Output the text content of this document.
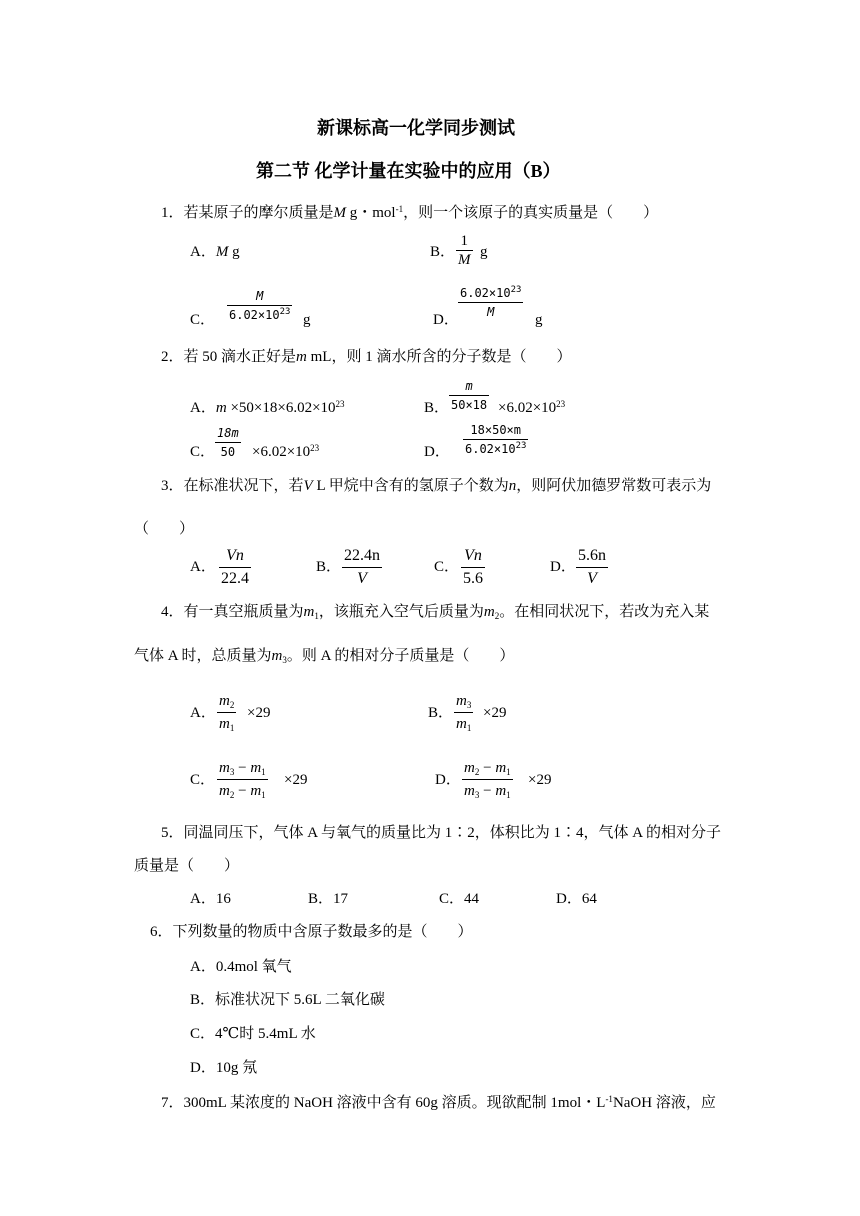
新课标高一化学同步测试
第二节 化学计量在实验中的应用（B）
1．若某原子的摩尔质量是M g・mol$^{-1}$，则一个该原子的真实质量是（　　）
A．M g	B． $\frac{1}{M}$ g
C． $\frac{M}{6.02\times 10^{23}}$ g	D． $\frac{6.02\times 10^{23}}{M}$ g
2．若 50 滴水正好是m mL，则 1 滴水所含的分子数是（　　）
A．$m \times 50\times 18\times 6.02\times 10^{23}$	B． $\frac{m}{50\times 18} \times 6.02\times 10^{23}$
C． $\frac{18m}{50} \times 6.02\times 10^{23}$	D． $\frac{18\times 50\times m}{6.02\times 10^{23}}$
3．在标准状况下，若V L 甲烷中含有的氢原子个数为n，则阿伏加德罗常数可表示为
（　　）
A． $\frac{Vn}{22.4}$	B． $\frac{22.4n}{V}$	C． $\frac{Vn}{5.6}$	D． $\frac{5.6n}{V}$
4．有一真空瓶质量为$m_1$，该瓶充入空气后质量为$m_2$。在相同状况下，若改为充入某
气体 A 时，总质量为$m_3$。则 A 的相对分子质量是（　　）
A． $\frac{m_2}{m_1} \times 29$	B． $\frac{m_3}{m_1} \times 29$
C． $\frac{m_3 - m_1}{m_2 - m_1} \times 29$	D． $\frac{m_2 - m_1}{m_3 - m_1} \times 29$
5．同温同压下，气体 A 与氧气的质量比为 1∶2，体积比为 1∶4，气体 A 的相对分子
质量是（　　）
A．16	B．17	C．44	D．64
6．下列数量的物质中含原子数最多的是（　　）
A．0.4mol 氧气
B．标准状况下 5.6L 二氧化碳
C．4℃时 5.4mL 水
D．10g 氖
7．300mL 某浓度的 NaOH 溶液中含有 60g 溶质。现欲配制 1mol・$L^{-1}NaOH$ 溶液，应
